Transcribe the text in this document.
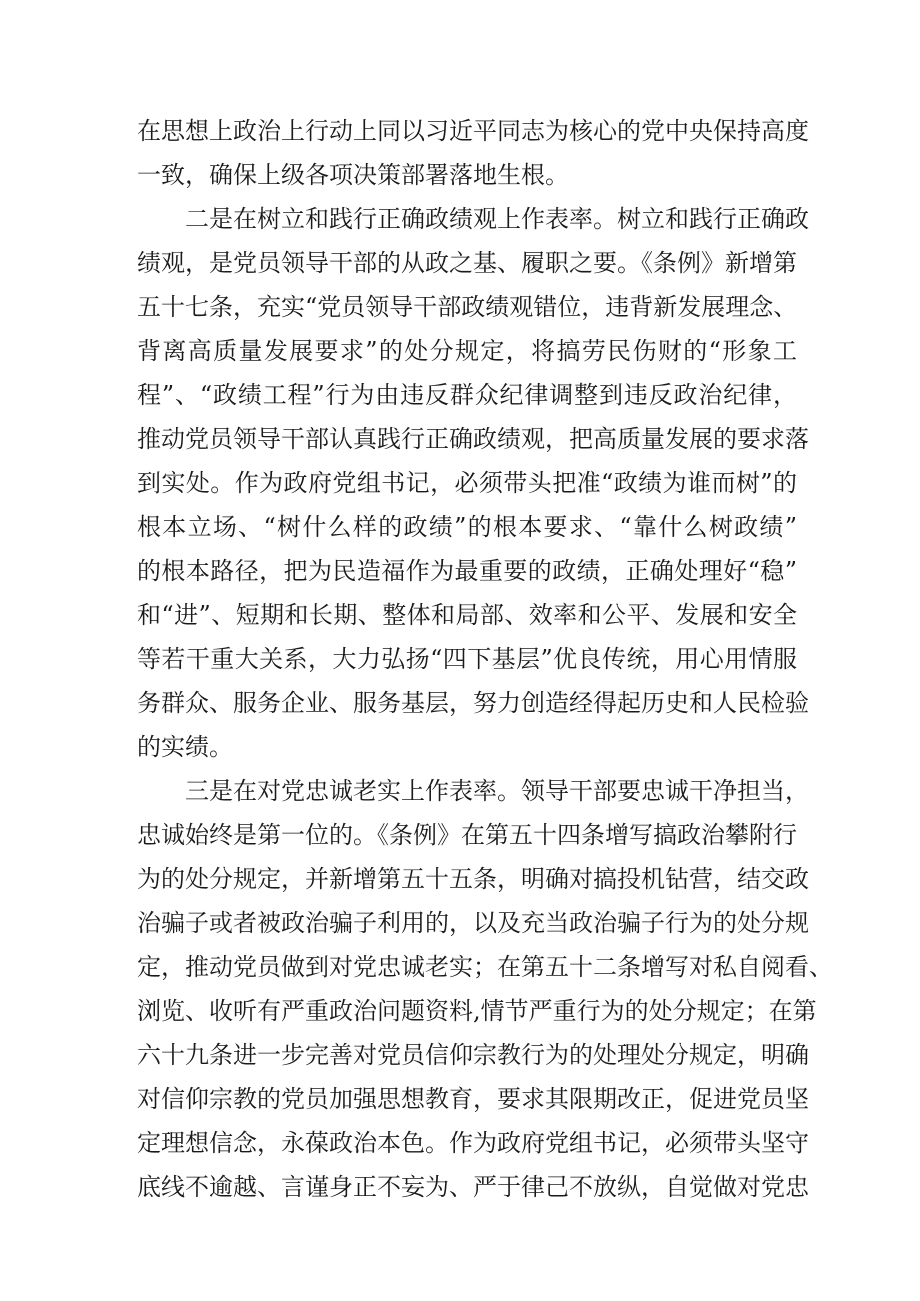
在思想上政治上行动上同以习近平同志为核心的党中央保持高度
一致，确保上级各项决策部署落地生根。
二是在树立和践行正确政绩观上作表率。树立和践行正确政
绩观，是党员领导干部的从政之基、履职之要。《条例》新增第
五十七条，充实“党员领导干部政绩观错位，违背新发展理念、
背离高质量发展要求”的处分规定，将搞劳民伤财的“形象工
程”、“政绩工程”行为由违反群众纪律调整到违反政治纪律，
推动党员领导干部认真践行正确政绩观，把高质量发展的要求落
到实处。作为政府党组书记，必须带头把准“政绩为谁而树”的
根本立场、“树什么样的政绩”的根本要求、“靠什么树政绩”
的根本路径，把为民造福作为最重要的政绩，正确处理好“稳”
和“进”、短期和长期、整体和局部、效率和公平、发展和安全
等若干重大关系，大力弘扬“四下基层”优良传统，用心用情服
务群众、服务企业、服务基层，努力创造经得起历史和人民检验
的实绩。
三是在对党忠诚老实上作表率。领导干部要忠诚干净担当，
忠诚始终是第一位的。《条例》在第五十四条增写搞政治攀附行
为的处分规定，并新增第五十五条，明确对搞投机钻营，结交政
治骗子或者被政治骗子利用的，以及充当政治骗子行为的处分规
定，推动党员做到对党忠诚老实；在第五十二条增写对私自阅看、
浏览、收听有严重政治问题资料,情节严重行为的处分规定；在第
六十九条进一步完善对党员信仰宗教行为的处理处分规定，明确
对信仰宗教的党员加强思想教育，要求其限期改正，促进党员坚
定理想信念，永葆政治本色。作为政府党组书记，必须带头坚守
底线不逾越、言谨身正不妄为、严于律己不放纵，自觉做对党忠
